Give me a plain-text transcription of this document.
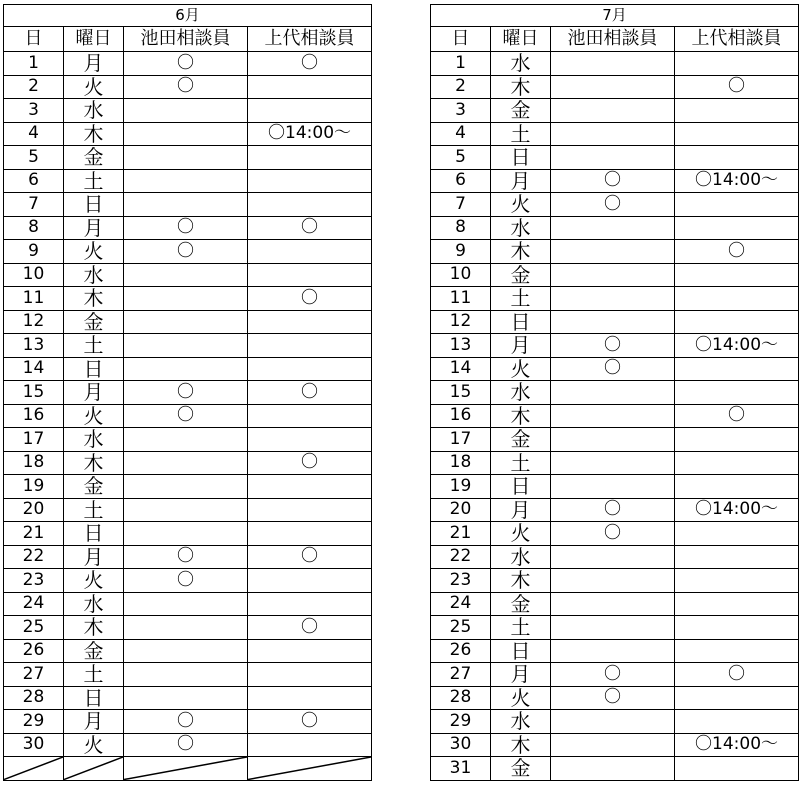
6月			
日	曜日	池田相談員	上代相談員
1	月	〇	〇
2	火	〇	
3	水		
4	木		〇14:00～
5	金		
6	土		
7	日		
8	月	〇	〇
9	火	〇	
10	水		
11	木		〇
12	金		
13	土		
14	日		
15	月	〇	〇
16	火	〇	
17	水		
18	木		〇
19	金		
20	土		
21	日		
22	月	〇	〇
23	火	〇	
24	水		
25	木		〇
26	金		
27	土		
28	日		
29	月	〇	〇
30	火	〇	

7月			
日	曜日	池田相談員	上代相談員
1	水		
2	木		〇
3	金		
4	土		
5	日		
6	月	〇	〇14:00～
7	火	〇	
8	水		
9	木		〇
10	金		
11	土		
12	日		
13	月	〇	〇14:00～
14	火	〇	
15	水		
16	木		〇
17	金		
18	土		
19	日		
20	月	〇	〇14:00～
21	火	〇	
22	水		
23	木		
24	金		
25	土		
26	日		
27	月	〇	〇
28	火	〇	
29	水		
30	木		〇14:00～
31	金		
